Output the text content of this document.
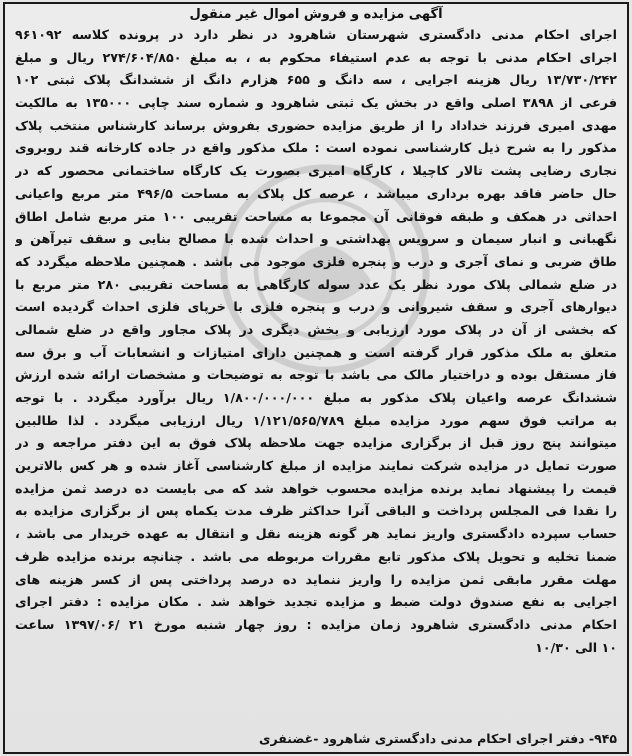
آگهی مزایده و فروش اموال غیر منقول
اجرای احکام مدنی دادگستری شهرستان شاهرود در نظر دارد در پرونده کلاسه ۹۶۱۰۹۲
اجرای احکام مدنی با توجه به عدم استیفاء محکوم به ، به مبلغ ۲۷۴/۶۰۴/۸۵۰ ریال و مبلغ
۱۳/۷۳۰/۲۴۲ ریال هزینه اجرایی ، سه دانگ و ۶۵۵ هزارم دانگ از ششدانگ پلاک ثبتی ۱۰۲
فرعی از ۳۸۹۸ اصلی واقع در بخش یک ثبتی شاهرود و شماره سند چاپی ۱۳۵۰۰۰ به مالکیت
مهدی امیری فرزند خداداد را از طریق مزایده حضوری بفروش برساند کارشناس منتخب پلاک
مذکور را به شرح ذیل کارشناسی نموده است : ملک مذکور واقع در جاده کارخانه قند روبروی
نجاری رضایی پشت تالار کاچیلا ، کارگاه امیری بصورت یک کارگاه ساختمانی محصور که در
حال حاضر فاقد بهره برداری میباشد ، عرصه کل پلاک به مساحت ۴۹۶/۵ متر مربع واعیانی
احداثی در همکف و طبقه فوقانی آن مجموعا به مساحت تقریبی ۱۰۰ متر مربع شامل اطاق
نگهبانی و انبار سیمان و سرویس بهداشتی و احداث شده با مصالح بنایی و سقف تیرآهن و
طاق ضربی و نمای آجری و درب و پنجره فلزی موجود می باشد . همچنین ملاحظه میگردد که
در ضلع شمالی پلاک مورد نظر یک عدد سوله کارگاهی به مساحت تقریبی ۲۸۰ متر مربع با
دیوارهای آجری و سقف شیروانی و درب و پنجره فلزی با خرپای فلزی احداث گردیده است
که بخشی از آن در پلاک مورد ارزیابی و بخش دیگری در پلاک مجاور واقع در ضلع شمالی
متعلق به ملک مذکور قرار گرفته است و همچنین دارای امتیازات و انشعابات آب و برق سه
فاز مستقل بوده و دراختیار مالک می باشد با توجه به توضیحات و مشخصات ارائه شده ارزش
ششدانگ عرصه واعیان پلاک مذکور به مبلغ ۱/۸۰۰/۰۰۰/۰۰۰ ریال برآورد میگردد . با توجه
به مراتب فوق سهم مورد مزایده مبلغ ۱/۱۲۱/۵۶۵/۷۸۹ ریال ارزیابی میگردد . لذا طالبین
میتوانند پنج روز قبل از برگزاری مزایده جهت ملاحظه پلاک فوق به این دفتر مراجعه و در
صورت تمایل در مزایده شرکت نمایند مزایده از مبلغ کارشناسی آغاز شده و هر کس بالاترین
قیمت را پیشنهاد نماید برنده مزایده محسوب خواهد شد که می بایست ده درصد ثمن مزایده
را نقدا فی المجلس پرداخت و الباقی آنرا حداکثر ظرف مدت یکماه پس از برگزاری مزایده به
حساب سپرده دادگستری واریز نماید هر گونه هزینه نقل و انتقال به عهده خریدار می باشد ،
ضمنا تخلیه و تحویل پلاک مذکور تابع مقررات مربوطه می باشد . چنانچه برنده مزایده ظرف
مهلت مقرر مابقی ثمن مزایده را واریز ننماید ده درصد پرداختی پس از کسر هزینه های
اجرایی به نفع صندوق دولت ضبط و مزایده تجدید خواهد شد . مکان مزایده : دفتر اجرای
احکام مدنی دادگستری شاهرود زمان مزایده : روز چهار شنبه مورخ ۲۱ /۱۳۹۷/۰۶ ساعت
۱۰ الی ۱۰/۳۰
۹۴۵- دفتر اجرای احکام مدنی دادگستری شاهرود -غضنفری
